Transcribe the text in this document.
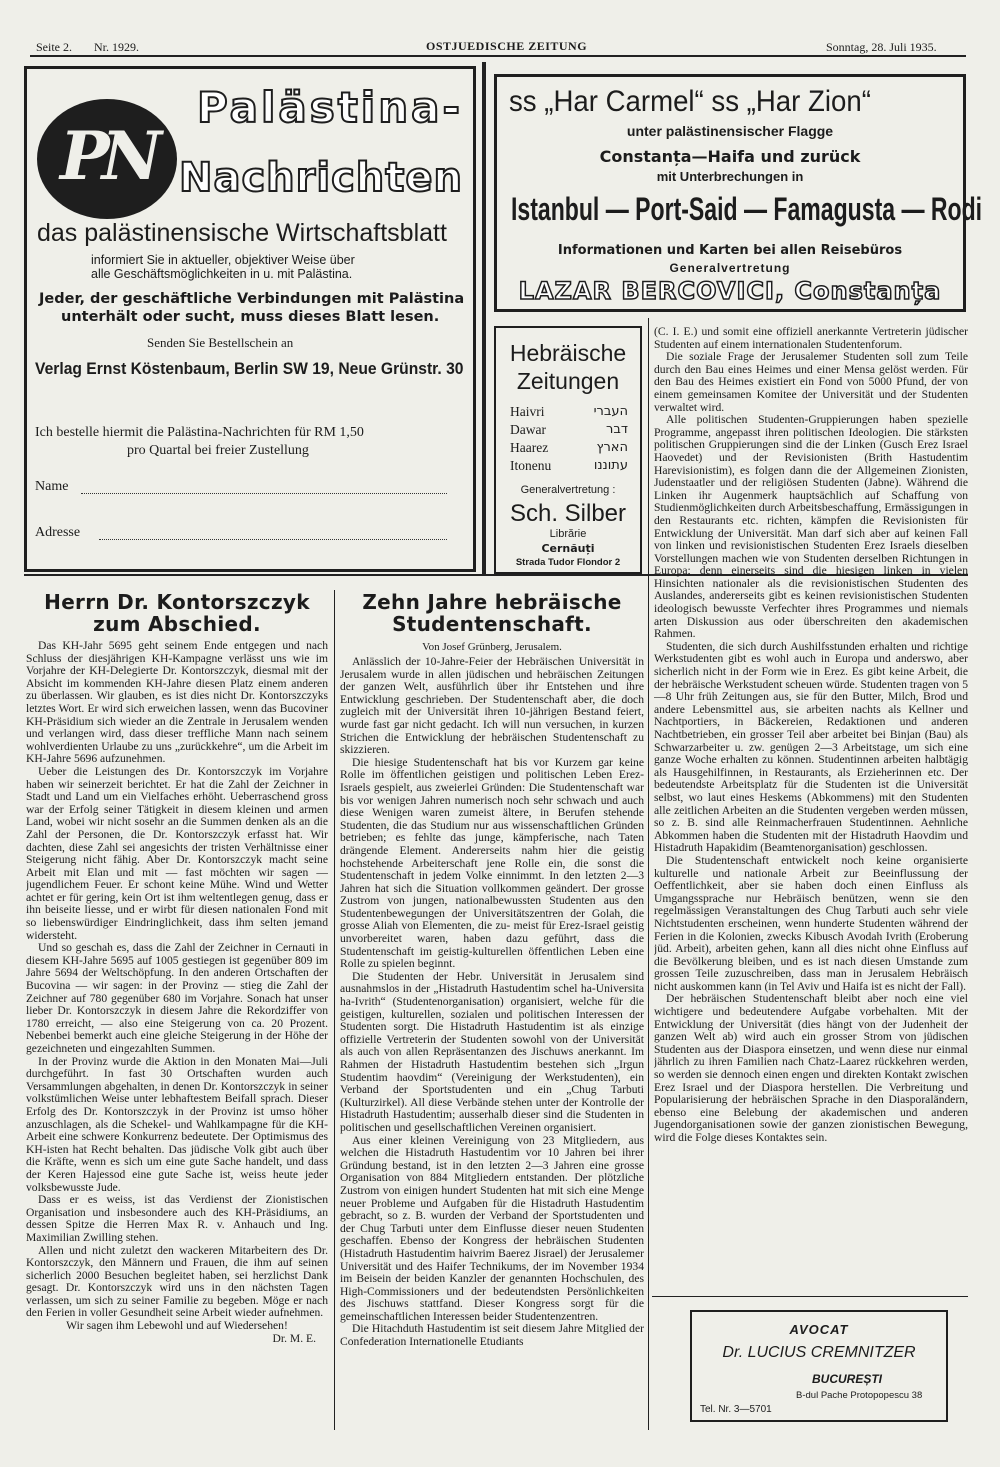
Seite 2. Nr. 1929.	OSTJUEDISCHE ZEITUNG	Sonntag, 28. Juli 1935.
PN
Palästina-
Nachrichten
das palästinensische Wirtschaftsblatt
informiert Sie in aktueller, objektiver Weise über
alle Geschäftsmöglichkeiten in u. mit Palästina.
Jeder, der geschäftliche Verbindungen mit Palästina
unterhält oder sucht, muss dieses Blatt lesen.
Senden Sie Bestellschein an
Verlag Ernst Köstenbaum, Berlin SW 19, Neue Grünstr. 30
Ich bestelle hiermit die Palästina-Nachrichten für RM 1,50
pro Quartal bei freier Zustellung
Name
Adresse
ss „Har Carmel“ ss „Har Zion“
unter palästinensischer Flagge
Constanța—Haifa und zurück
mit Unterbrechungen in
Istanbul — Port-Said — Famagusta — Rodi
Informationen und Karten bei allen Reisebüros
Generalvertretung
LAZAR BERCOVICI, Constanța
Hebräische
Zeitungen
Haivri	העברי
Dawar	דבר
Haarez	הארץ
Itonenu	עתוננו
Generalvertretung :
Sch. Silber
Librărie
Cernăuți
Strada Tudor Flondor 2
Herrn Dr. Kontorszczyk
zum Abschied.

Das KH-Jahr 5695 geht seinem Ende entgegen und nach Schluss der diesjährigen KH-Kampagne verlässt uns wie im Vorjahre der KH-Delegierte Dr. Kontorszczyk, diesmal mit der Absicht im kommenden KH-Jahre diesen Platz einem anderen zu überlassen. Wir glauben, es ist dies nicht Dr. Kontorszczyks letztes Wort. Er wird sich erweichen lassen, wenn das Bucoviner KH-Präsidium sich wieder an die Zentrale in Jerusalem wenden und verlangen wird, dass dieser treffliche Mann nach seinem wohlverdienten Urlaube zu uns „zurückkehre“, um die Arbeit im KH-Jahre 5696 aufzunehmen.

Ueber die Leistungen des Dr. Kontorszczyk im Vorjahre haben wir seinerzeit berichtet. Er hat die Zahl der Zeichner in Stadt und Land um ein Vielfaches erhöht. Ueberraschend gross war der Erfolg seiner Tätigkeit in diesem kleinen und armen Land, wobei wir nicht sosehr an die Summen denken als an die Zahl der Personen, die Dr. Kontorszczyk erfasst hat. Wir dachten, diese Zahl sei angesichts der tristen Verhältnisse einer Steigerung nicht fähig. Aber Dr. Kontorszczyk macht seine Arbeit mit Elan und mit — fast möchten wir sagen — jugendlichem Feuer. Er schont keine Mühe. Wind und Wetter achtet er für gering, kein Ort ist ihm weltentlegen genug, dass er ihn beiseite liesse, und er wirbt für diesen nationalen Fond mit so liebenswürdiger Eindringlichkeit, dass ihm selten jemand widersteht.

Und so geschah es, dass die Zahl der Zeichner in Cernauti in diesem KH-Jahre 5695 auf 1005 gestiegen ist gegenüber 809 im Jahre 5694 der Weltschöpfung. In den anderen Ortschaften der Bucovina — wir sagen: in der Provinz — stieg die Zahl der Zeichner auf 780 gegenüber 680 im Vorjahre. Sonach hat unser lieber Dr. Kontorszczyk in diesem Jahre die Rekordziffer von 1780 erreicht, — also eine Steigerung von ca. 20 Prozent. Nebenbei bemerkt auch eine gleiche Steigerung in der Höhe der gezeichneten und eingezahlten Summen.

In der Provinz wurde die Aktion in den Monaten Mai—Juli durchgeführt. In fast 30 Ortschaften wurden auch Versammlungen abgehalten, in denen Dr. Kontorszczyk in seiner volkstümlichen Weise unter lebhaftestem Beifall sprach. Dieser Erfolg des Dr. Kontorszczyk in der Provinz ist umso höher anzuschlagen, als die Schekel- und Wahlkampagne für die KH-Arbeit eine schwere Konkurrenz bedeutete. Der Optimismus des KH-isten hat Recht behalten. Das jüdische Volk gibt auch über die Kräfte, wenn es sich um eine gute Sache handelt, und dass der Keren Hajessod eine gute Sache ist, weiss heute jeder volksbewusste Jude.

Dass er es weiss, ist das Verdienst der Zionistischen Organisation und insbesondere auch des KH-Präsidiums, an dessen Spitze die Herren Max R. v. Anhauch und Ing. Maximilian Zwilling stehen.

Allen und nicht zuletzt den wackeren Mitarbeitern des Dr. Kontorszczyk, den Männern und Frauen, die ihm auf seinen sicherlich 2000 Besuchen begleitet haben, sei herzlichst Dank gesagt. Dr. Kontorszczyk wird uns in den nächsten Tagen verlassen, um sich zu seiner Familie zu begeben. Möge er nach den Ferien in voller Gesundheit seine Arbeit wieder aufnehmen.

Wir sagen ihm Lebewohl und auf Wiedersehen!

Dr. M. E.
Zehn Jahre hebräische
Studentenschaft.
Von Josef Grünberg, Jerusalem.

Anlässlich der 10-Jahre-Feier der Hebräischen Universität in Jerusalem wurde in allen jüdischen und hebräischen Zeitungen der ganzen Welt, ausführlich über ihr Entstehen und ihre Entwicklung geschrieben. Der Studentenschaft aber, die doch zugleich mit der Universität ihren 10-jährigen Bestand feiert, wurde fast gar nicht gedacht. Ich will nun versuchen, in kurzen Strichen die Entwicklung der hebräischen Studentenschaft zu skizzieren.

Die hiesige Studentenschaft hat bis vor Kurzem gar keine Rolle im öffentlichen geistigen und politischen Leben Erez-Israels gespielt, aus zweierlei Gründen: Die Studentenschaft war bis vor wenigen Jahren numerisch noch sehr schwach und auch diese Wenigen waren zumeist ältere, in Berufen stehende Studenten, die das Studium nur aus wissenschaftlichen Gründen betrieben; es fehlte das junge, kämpferische, nach Taten drängende Element. Andererseits nahm hier die geistig hochstehende Arbeiterschaft jene Rolle ein, die sonst die Studentenschaft in jedem Volke einnimmt. In den letzten 2—3 Jahren hat sich die Situation vollkommen geändert. Der grosse Zustrom von jungen, nationalbewussten Studenten aus den Studentenbewegungen der Universitätszentren der Golah, die grosse Aliah von Elementen, die zu- meist für Erez-Israel geistig unvorbereitet waren, haben dazu geführt, dass die Studentenschaft im geistig-kulturellen öffentlichen Leben eine Rolle zu spielen beginnt.

Die Studenten der Hebr. Universität in Jerusalem sind ausnahmslos in der „Histadruth Hastudentim schel ha-Universita ha-Ivrith“ (Studentenorganisation) organisiert, welche für die geistigen, kulturellen, sozialen und politischen Interessen der Studenten sorgt. Die Histadruth Hastudentim ist als einzige offizielle Vertreterin der Studenten sowohl von der Universität als auch von allen Repräsentanzen des Jischuws anerkannt. Im Rahmen der Histadruth Hastudentim bestehen sich „Irgun Studentim haovdim“ (Vereinigung der Werkstudenten), ein Verband der Sportstudenten und ein „Chug Tarbuti (Kulturzirkel). All diese Verbände stehen unter der Kontrolle der Histadruth Hastudentim; ausserhalb dieser sind die Studenten in politischen und gesellschaftlichen Vereinen organisiert.

Aus einer kleinen Vereinigung von 23 Mitgliedern, aus welchen die Histadruth Hastudentim vor 10 Jahren bei ihrer Gründung bestand, ist in den letzten 2—3 Jahren eine grosse Organisation von 884 Mitgliedern entstanden. Der plötzliche Zustrom von einigen hundert Studenten hat mit sich eine Menge neuer Probleme und Aufgaben für die Histadruth Hastudentim gebracht, so z. B. wurden der Verband der Sportstudenten und der Chug Tarbuti unter dem Einflusse dieser neuen Studenten geschaffen. Ebenso der Kongress der hebräischen Studenten (Histadruth Hastudentim haivrim Baerez Jisrael) der Jerusalemer Universität und des Haifer Technikums, der im November 1934 im Beisein der beiden Kanzler der genannten Hochschulen, des High-Commissioners und der bedeutendsten Persönlichkeiten des Jischuws stattfand. Dieser Kongress sorgt für die gemeinschaftlichen Interessen beider Studentenzentren.

Die Hitachduth Hastudentim ist seit diesem Jahre Mitglied der Confederation Internationelle Etudiants

(C. I. E.) und somit eine offiziell anerkannte Vertreterin jüdischer Studenten auf einem internationalen Studentenforum.

Die soziale Frage der Jerusalemer Studenten soll zum Teile durch den Bau eines Heimes und einer Mensa gelöst werden. Für den Bau des Heimes existiert ein Fond von 5000 Pfund, der von einem gemeinsamen Komitee der Universität und der Studenten verwaltet wird.

Alle politischen Studenten-Gruppierungen haben spezielle Programme, angepasst ihren politischen Ideologien. Die stärksten politischen Gruppierungen sind die der Linken (Gusch Erez Israel Haovedet) und der Revisionisten (Brith Hastudentim Harevisionistim), es folgen dann die der Allgemeinen Zionisten, Judenstaatler und der religiösen Studenten (Jabne). Während die Linken ihr Augenmerk hauptsächlich auf Schaffung von Studienmöglichkeiten durch Arbeitsbeschaffung, Ermässigungen in den Restaurants etc. richten, kämpfen die Revisionisten für Entwicklung der Universität. Man darf sich aber auf keinen Fall von linken und revisionistischen Studenten Erez Israels dieselben Vorstellungen machen wie von Studenten derselben Richtungen in Europa; denn einerseits sind die hiesigen linken in vielen Hinsichten nationaler als die revisionistischen Studenten des Auslandes, andererseits gibt es keinen revisionistischen Studenten ideologisch bewusste Verfechter ihres Programmes und niemals arten Diskussion aus oder überschreiten den akademischen Rahmen.

Studenten, die sich durch Aushilfsstunden erhalten und richtige Werkstudenten gibt es wohl auch in Europa und anderswo, aber sicherlich nicht in der Form wie in Erez. Es gibt keine Arbeit, die der hebräische Werkstudent scheuen würde. Studenten tragen von 5—8 Uhr früh Zeitungen aus, sie für den Butter, Milch, Brod und andere Lebensmittel aus, sie arbeiten nachts als Kellner und Nachtportiers, in Bäckereien, Redaktionen und anderen Nachtbetrieben, ein grosser Teil aber arbeitet bei Binjan (Bau) als Schwarzarbeiter u. zw. genügen 2—3 Arbeitstage, um sich eine ganze Woche erhalten zu können. Studentinnen arbeiten halbtägig als Hausgehilfinnen, in Restaurants, als Erzieherinnen etc. Der bedeutendste Arbeitsplatz für die Studenten ist die Universität selbst, wo laut eines Heskems (Abkommens) mit den Studenten alle zeitlichen Arbeiten an die Studenten vergeben werden müssen, so z. B. sind alle Reinmacherfrauen Studentinnen. Aehnliche Abkommen haben die Studenten mit der Histadruth Haovdim und Histadruth Hapakidim (Beamtenorganisation) geschlossen.

Die Studentenschaft entwickelt noch keine organisierte kulturelle und nationale Arbeit zur Beeinflussung der Oeffentlichkeit, aber sie haben doch einen Einfluss als Umgangssprache nur Hebräisch benützen, wenn sie den regelmässigen Veranstaltungen des Chug Tarbuti auch sehr viele Nichtstudenten erscheinen, wenn hunderte Studenten während der Ferien in die Kolonien, zwecks Kibusch Avodah Ivrith (Eroberung jüd. Arbeit), arbeiten gehen, kann all dies nicht ohne Einfluss auf die Bevölkerung bleiben, und es ist nach diesen Umstande zum grossen Teile zuzuschreiben, dass man in Jerusalem Hebräisch nicht auskommen kann (in Tel Aviv und Haifa ist es nicht der Fall).

Der hebräischen Studentenschaft bleibt aber noch eine viel wichtigere und bedeutendere Aufgabe vorbehalten. Mit der Entwicklung der Universität (dies hängt von der Judenheit der ganzen Welt ab) wird auch ein grosser Strom von jüdischen Studenten aus der Diaspora einsetzen, und wenn diese nur einmal jährlich zu ihren Familien nach Chatz-Laarez rückkehren werden, so werden sie dennoch einen engen und direkten Kontakt zwischen Erez Israel und der Diaspora herstellen. Die Verbreitung und Popularisierung der hebräischen Sprache in den Diasporaländern, ebenso eine Belebung der akademischen und anderen Jugendorganisationen sowie der ganzen zionistischen Bewegung, wird die Folge dieses Kontaktes sein.

AVOCAT
Dr. LUCIUS CREMNITZER
BUCUREȘTI
B-dul Pache Protopopescu 38
Tel. Nr. 3—5701
